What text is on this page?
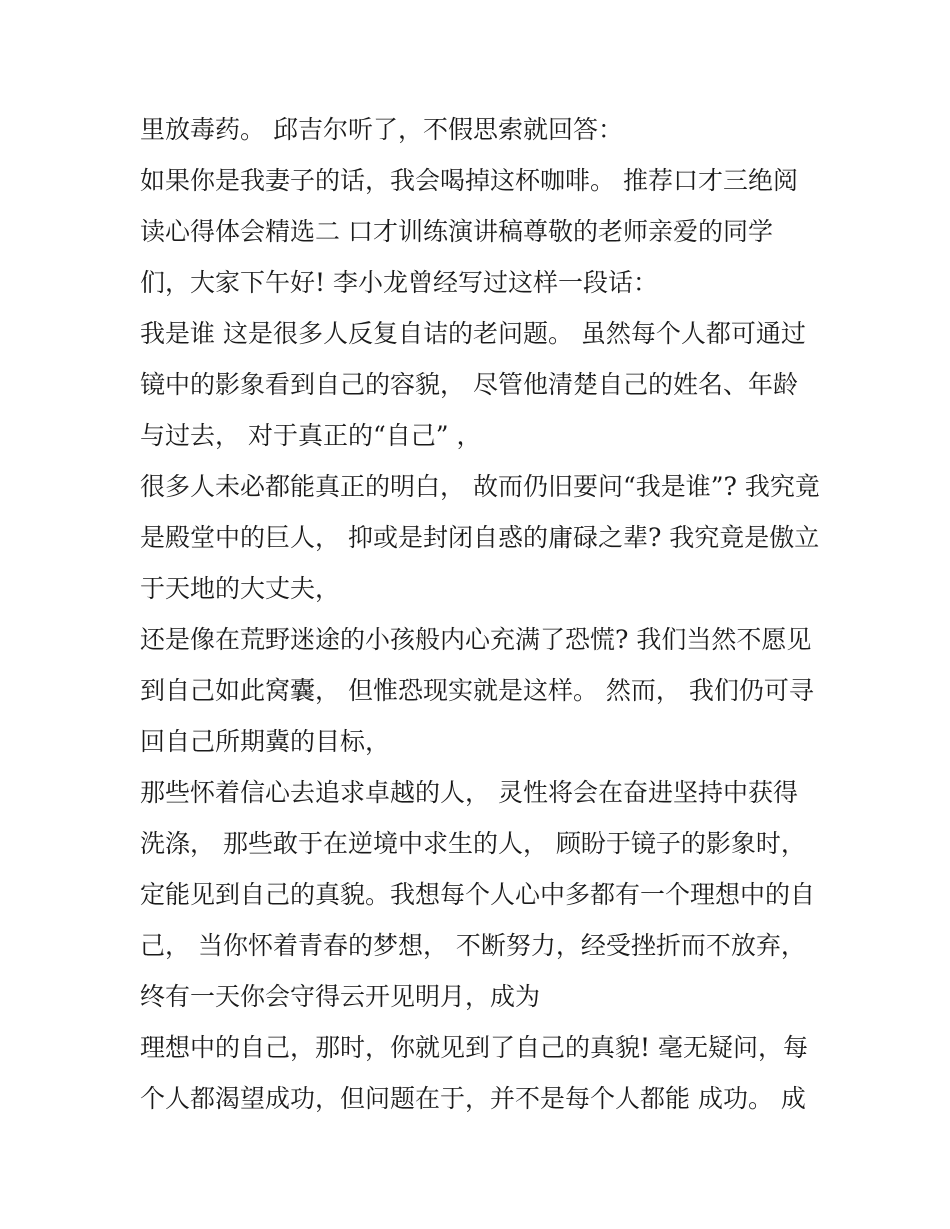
里放毒药。 邱吉尔听了，不假思索就回答：
如果你是我妻子的话，我会喝掉这杯咖啡。 推荐口才三绝阅
读心得体会精选二 口才训练演讲稿尊敬的老师亲爱的同学
们，大家下午好! 李小龙曾经写过这样一段话：
我是谁 这是很多人反复自诘的老问题。 虽然每个人都可通过
镜中的影象看到自己的容貌， 尽管他清楚自己的姓名、年龄
与过去， 对于真正的“自己” ，
很多人未必都能真正的明白， 故而仍旧要问“我是谁”? 我究竟
是殿堂中的巨人， 抑或是封闭自惑的庸碌之辈? 我究竟是傲立
于天地的大丈夫，
还是像在荒野迷途的小孩般内心充满了恐慌? 我们当然不愿见
到自己如此窝囊， 但惟恐现实就是这样。 然而， 我们仍可寻
回自己所期冀的目标，
那些怀着信心去追求卓越的人， 灵性将会在奋进坚持中获得
洗涤， 那些敢于在逆境中求生的人， 顾盼于镜子的影象时，
定能见到自己的真貌。我想每个人心中多都有一个理想中的自
己， 当你怀着青春的梦想， 不断努力，经受挫折而不放弃，
终有一天你会守得云开见明月，成为
理想中的自己，那时，你就见到了自己的真貌! 毫无疑问，每
个人都渴望成功，但问题在于，并不是每个人都能 成功。 成
